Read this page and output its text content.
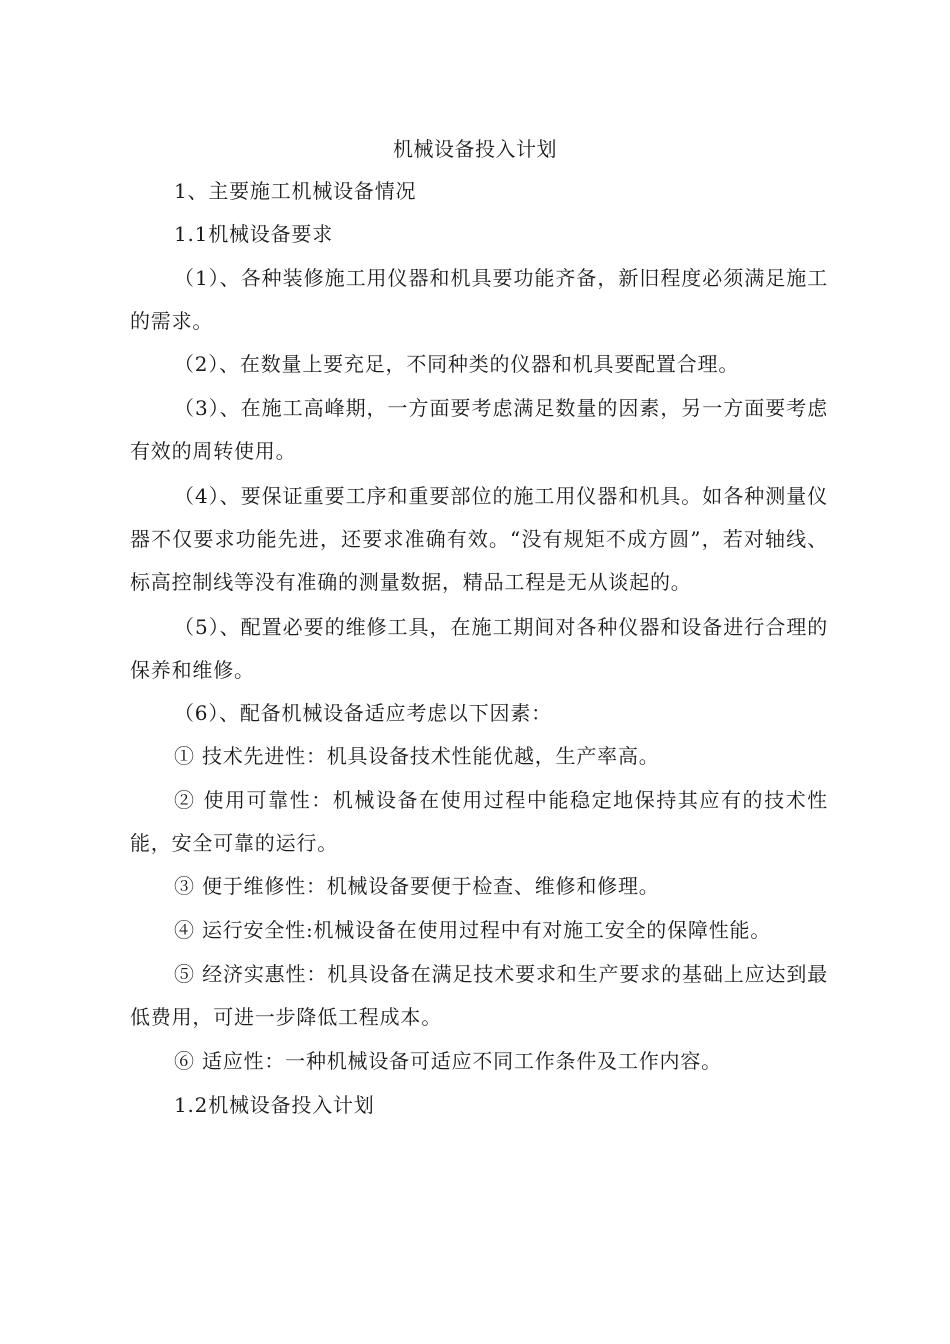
机械设备投入计划
1、主要施工机械设备情况
1.1机械设备要求
（1）、各种装修施工用仪器和机具要功能齐备，新旧程度必须满足施工的需求。
（2）、在数量上要充足，不同种类的仪器和机具要配置合理。
（3）、在施工高峰期，一方面要考虑满足数量的因素，另一方面要考虑有效的周转使用。
（4）、要保证重要工序和重要部位的施工用仪器和机具。如各种测量仪器不仅要求功能先进，还要求准确有效。“没有规矩不成方圆”，若对轴线、标高控制线等没有准确的测量数据，精品工程是无从谈起的。
（5）、配置必要的维修工具，在施工期间对各种仪器和设备进行合理的保养和维修。
（6）、配备机械设备适应考虑以下因素：
① 技术先进性：机具设备技术性能优越，生产率高。
② 使用可靠性：机械设备在使用过程中能稳定地保持其应有的技术性能，安全可靠的运行。
③ 便于维修性：机械设备要便于检查、维修和修理。
④ 运行安全性:机械设备在使用过程中有对施工安全的保障性能。
⑤ 经济实惠性：机具设备在满足技术要求和生产要求的基础上应达到最低费用，可进一步降低工程成本。
⑥ 适应性：一种机械设备可适应不同工作条件及工作内容。
1.2机械设备投入计划
